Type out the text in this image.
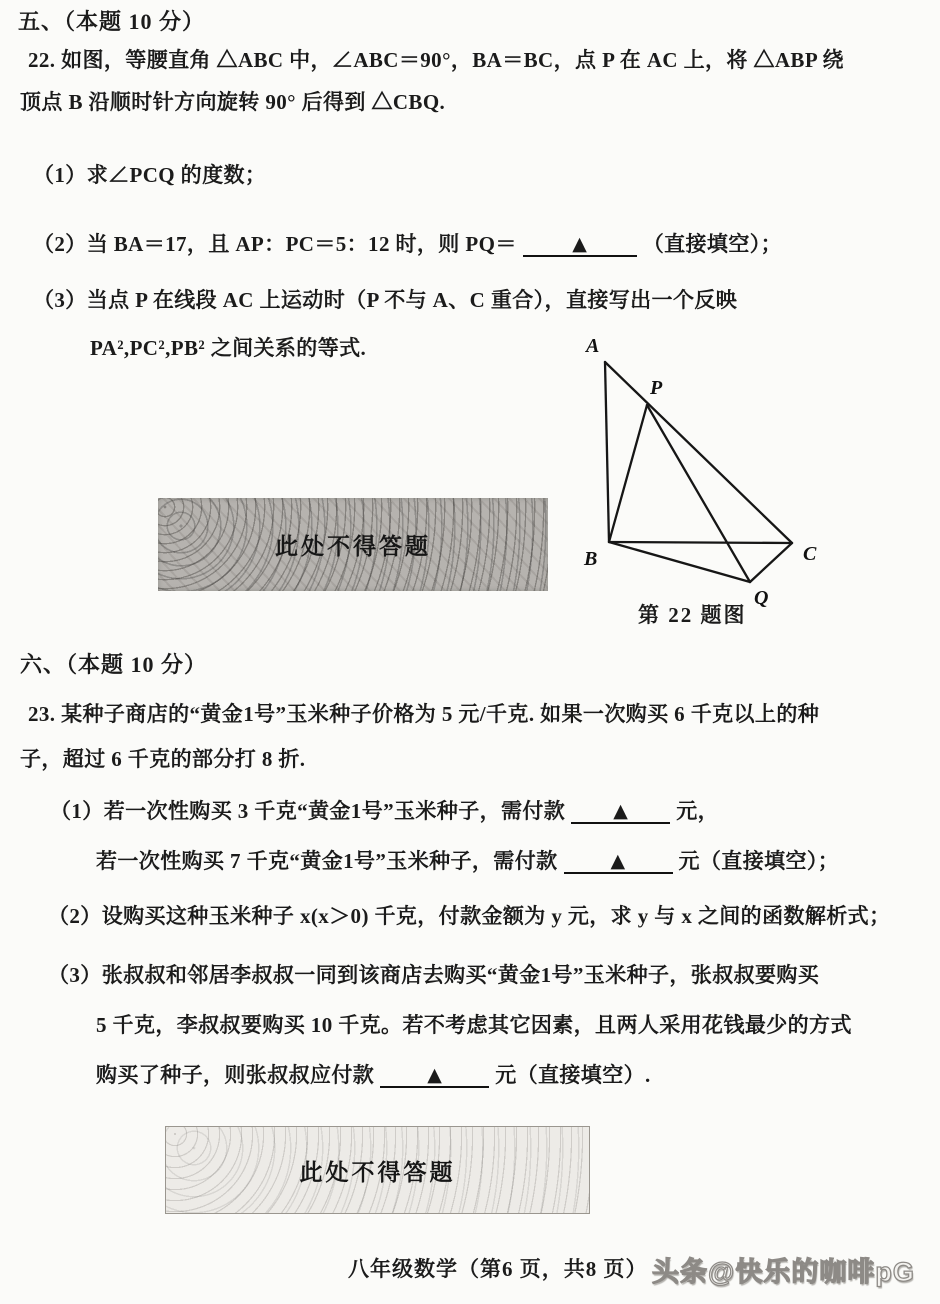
五、（本题 10 分）
22. 如图，等腰直角 △ABC 中，∠ABC＝90°，BA＝BC，点 P 在 AC 上，将 △ABP 绕
顶点 B 沿顺时针方向旋转 90° 后得到 △CBQ.
（1）求∠PCQ 的度数；
（2）当 BA＝17，且 AP：PC＝5：12 时，则 PQ＝	▲	（直接填空）；
（3）当点 P 在线段 AC 上运动时（P 不与 A、C 重合），直接写出一个反映
PA²,PC²,PB² 之间关系的等式.	A
P
B	C
Q
第 22 题图
此处不得答题
六、（本题 10 分）
23. 某种子商店的“黄金1号”玉米种子价格为 5 元/千克. 如果一次购买 6 千克以上的种
子，超过 6 千克的部分打 8 折.
（1）若一次性购买 3 千克“黄金1号”玉米种子，需付款	▲ 元，
若一次性购买 7 千克“黄金1号”玉米种子，需付款	▲	元（直接填空）；
（2）设购买这种玉米种子 x(x＞0) 千克，付款金额为 y 元，求 y 与 x 之间的函数解析式；
（3）张叔叔和邻居李叔叔一同到该商店去购买“黄金1号”玉米种子，张叔叔要购买
5 千克，李叔叔要购买 10 千克。若不考虑其它因素，且两人采用花钱最少的方式
购买了种子，则张叔叔应付款	▲	元（直接填空）.
此处不得答题
八年级数学（第6 页，共8 页） 头条@快乐的咖啡pG
